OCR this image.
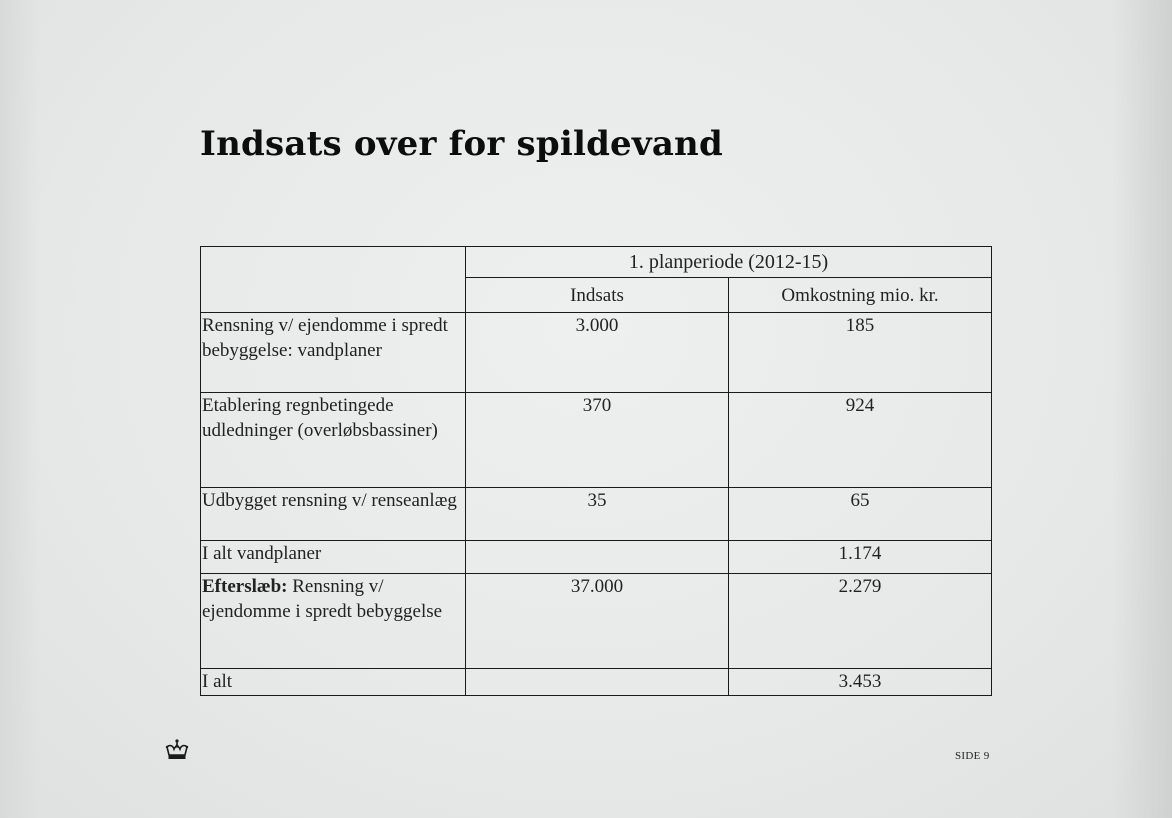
Indsats over for spildevand
	1. planperiode (2012-15)	
	Indsats	Omkostning mio. kr.
Rensning v/ ejendomme i spredt bebyggelse: vandplaner	3.000	185
Etablering regnbetingede udledninger (overløbsbassiner)	370	924
Udbygget rensning v/ renseanlæg	35	65
I alt vandplaner		1.174
Efterslæb: Rensning v/ ejendomme i spredt bebyggelse	37.000	2.279
I alt		3.453
SIDE 9
